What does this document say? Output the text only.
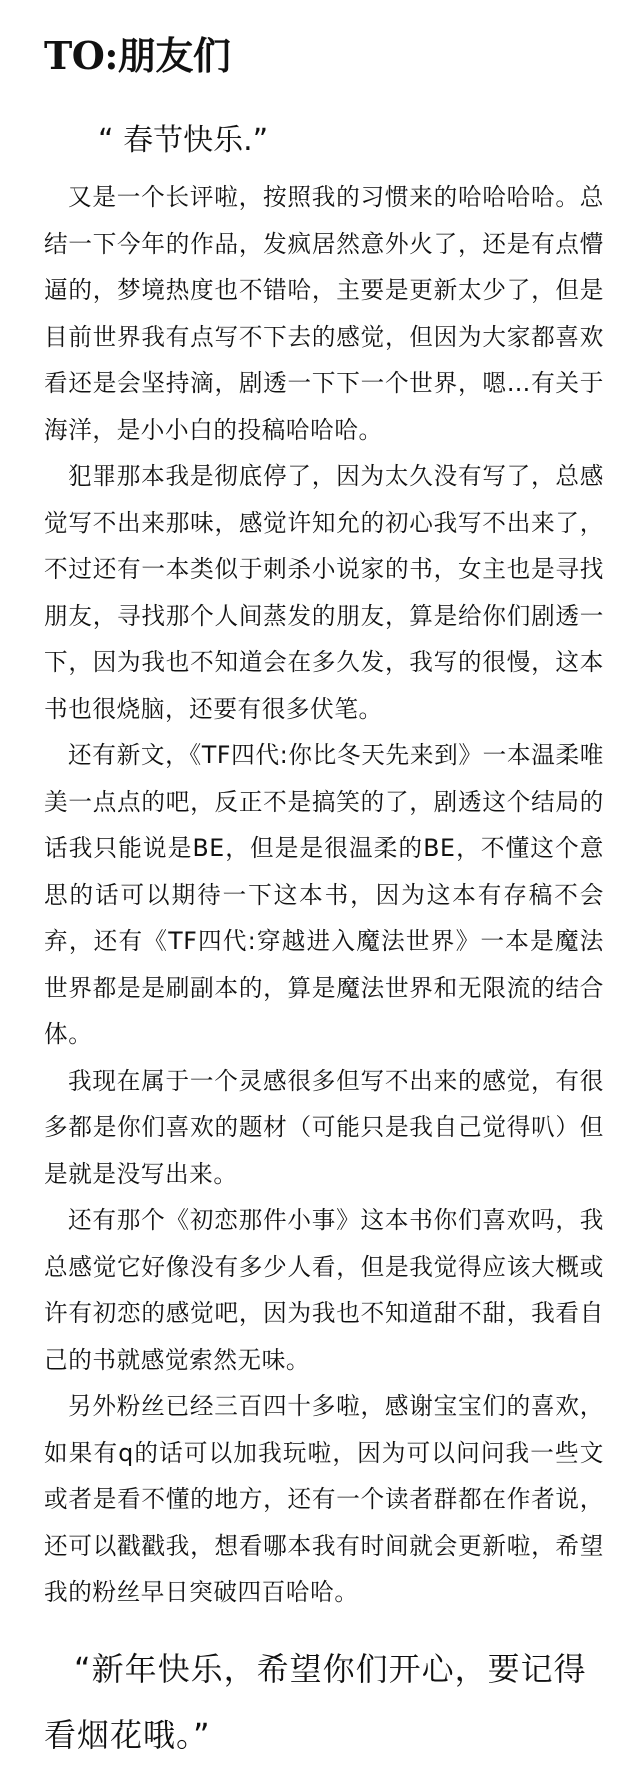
TO:朋友们
“ 春节快乐.”

又是一个长评啦，按照我的习惯来的哈哈哈哈。总结一下今年的作品，发疯居然意外火了，还是有点懵逼的，梦境热度也不错哈，主要是更新太少了，但是目前世界我有点写不下去的感觉，但因为大家都喜欢看还是会坚持滴，剧透一下下一个世界，嗯…有关于海洋，是小小白的投稿哈哈哈。

犯罪那本我是彻底停了，因为太久没有写了，总感觉写不出来那味，感觉许知允的初心我写不出来了，不过还有一本类似于刺杀小说家的书，女主也是寻找朋友，寻找那个人间蒸发的朋友，算是给你们剧透一下，因为我也不知道会在多久发，我写的很慢，这本书也很烧脑，还要有很多伏笔。

还有新文，《TF四代:你比冬天先来到》一本温柔唯美一点点的吧，反正不是搞笑的了，剧透这个结局的话我只能说是BE，但是是很温柔的BE，不懂这个意思的话可以期待一下这本书，因为这本有存稿不会弃，还有《TF四代:穿越进入魔法世界》一本是魔法世界都是是刷副本的，算是魔法世界和无限流的结合体。

我现在属于一个灵感很多但写不出来的感觉，有很多都是你们喜欢的题材（可能只是我自己觉得叭）但是就是没写出来。

还有那个《初恋那件小事》这本书你们喜欢吗，我总感觉它好像没有多少人看，但是我觉得应该大概或许有初恋的感觉吧，因为我也不知道甜不甜，我看自己的书就感觉索然无味。

另外粉丝已经三百四十多啦，感谢宝宝们的喜欢，如果有q的话可以加我玩啦，因为可以问问我一些文或者是看不懂的地方，还有一个读者群都在作者说，还可以戳戳我，想看哪本我有时间就会更新啦，希望我的粉丝早日突破四百哈哈。

“新年快乐，希望你们开心，要记得看烟花哦。”
